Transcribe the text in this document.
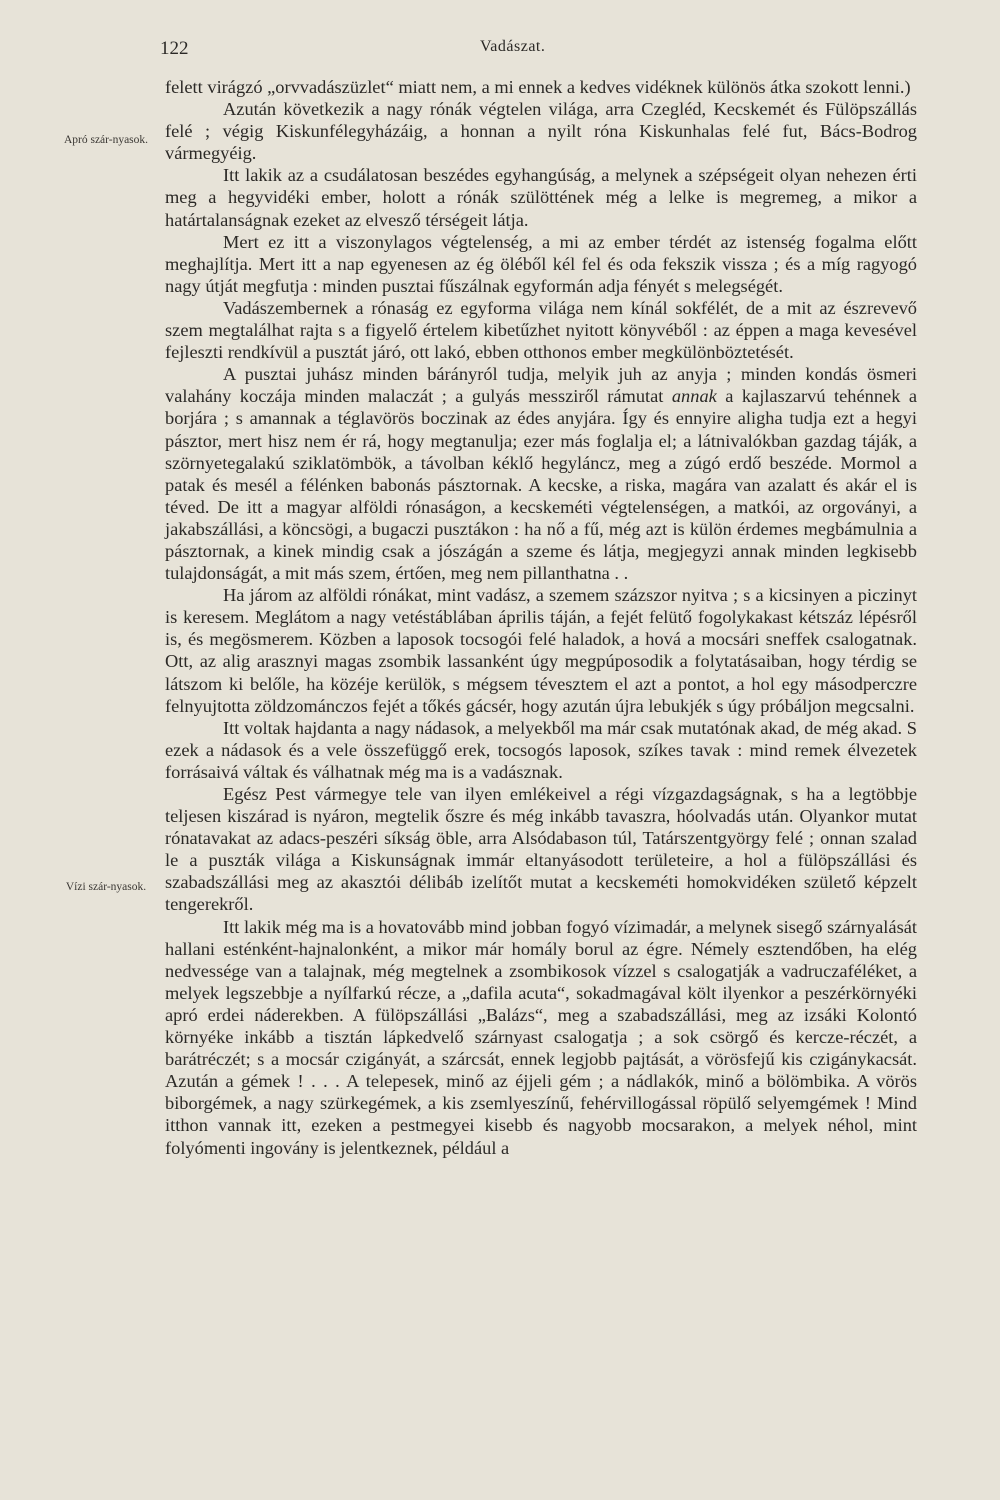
122	Vadászat.
Apró szár-nyasok.
Vízi szár-nyasok.

felett virágzó „orvvadászüzlet“ miatt nem, a mi ennek a kedves vidéknek különös átka szokott lenni.)

Azután következik a nagy rónák végtelen világa, arra Czegléd, Kecskemét és Fülöpszállás felé ; végig Kiskunfélegyházáig, a honnan a nyilt róna Kiskunhalas felé fut, Bács-Bodrog vármegyéig.

Itt lakik az a csudálatosan beszédes egyhangúság, a melynek a szépségeit olyan nehezen érti meg a hegyvidéki ember, holott a rónák szülöttének még a lelke is megremeg, a mikor a határtalanságnak ezeket az elvesző térségeit látja.

Mert ez itt a viszonylagos végtelenség, a mi az ember térdét az istenség fogalma előtt meghajlítja. Mert itt a nap egyenesen az ég öléből kél fel és oda fekszik vissza ; és a míg ragyogó nagy útját megfutja : minden pusztai fűszálnak egyformán adja fényét s melegségét.

Vadászembernek a rónaság ez egyforma világa nem kínál sokfélét, de a mit az észrevevő szem megtalálhat rajta s a figyelő értelem kibetűzhet nyitott könyvéből : az éppen a maga kevesével fejleszti rendkívül a pusztát járó, ott lakó, ebben otthonos ember megkülönböztetését.

A pusztai juhász minden bárányról tudja, melyik juh az anyja ; minden kondás ösmeri valahány koczája minden malaczát ; a gulyás messziről rámutat annak a kajlaszarvú tehénnek a borjára ; s amannak a téglavörös boczinak az édes anyjára. Így és ennyire aligha tudja ezt a hegyi pásztor, mert hisz nem ér rá, hogy megtanulja; ezer más foglalja el; a látnivalókban gazdag táják, a szörnyetegalakú sziklatömbök, a távolban kéklő hegyláncz, meg a zúgó erdő beszéde. Mormol a patak és mesél a félénken babonás pásztornak. A kecske, a riska, magára van azalatt és akár el is téved. De itt a magyar alföldi rónaságon, a kecskeméti végtelenségen, a matkói, az orgoványi, a jakabszállási, a köncsögi, a bugaczi pusztákon : ha nő a fű, még azt is külön érdemes megbámulnia a pásztornak, a kinek mindig csak a jószágán a szeme és látja, megjegyzi annak minden legkisebb tulajdonságát, a mit más szem, értően, meg nem pillanthatna . .

Ha járom az alföldi rónákat, mint vadász, a szemem százszor nyitva ; s a kicsinyen a piczinyt is keresem. Meglátom a nagy vetéstáblában április táján, a fejét felütő fogolykakast kétszáz lépésről is, és megösmerem. Közben a laposok tocsogói felé haladok, a hová a mocsári sneffek csalogatnak. Ott, az alig arasznyi magas zsombik lassanként úgy megpúposodik a folytatásaiban, hogy térdig se látszom ki belőle, ha közéje kerülök, s mégsem tévesztem el azt a pontot, a hol egy másodperczre felnyujtotta zöldzománczos fejét a tőkés gácsér, hogy azután újra lebukjék s úgy próbáljon megcsalni.

Itt voltak hajdanta a nagy nádasok, a melyekből ma már csak mutatónak akad, de még akad. S ezek a nádasok és a vele összefüggő erek, tocsogós laposok, szíkes tavak : mind remek élvezetek forrásaivá váltak és válhatnak még ma is a vadásznak.

Egész Pest vármegye tele van ilyen emlékeivel a régi vízgazdagságnak, s ha a legtöbbje teljesen kiszárad is nyáron, megtelik őszre és még inkább tavaszra, hóolvadás után. Olyankor mutat rónatavakat az adacs-peszéri síkság öble, arra Alsódabason túl, Tatárszentgyörgy felé ; onnan szalad le a puszták világa a Kiskunságnak immár eltanyásodott területeire, a hol a fülöpszállási és szabadszállási meg az akasztói délibáb izelítőt mutat a kecskeméti homokvidéken születő képzelt tengerekről.

Itt lakik még ma is a hovatovább mind jobban fogyó vízimadár, a melynek sisegő szárnyalását hallani esténként-hajnalonként, a mikor már homály borul az égre. Némely esztendőben, ha elég nedvessége van a talajnak, még megtelnek a zsombikosok vízzel s csalogatják a vadruczaféléket, a melyek legszebbje a nyílfarkú récze, a „dafila acuta“, sokadmagával költ ilyenkor a peszérkörnyéki apró erdei náderekben. A fülöpszállási „Balázs“, meg a szabadszállási, meg az izsáki Kolontó környéke inkább a tisztán lápkedvelő szárnyast csalogatja ; a sok csörgő és kercze-réczét, a barátréczét; s a mocsár czigányát, a szárcsát, ennek legjobb pajtását, a vörösfejű kis czigánykacsát. Azután a gémek ! . . . A telepesek, minő az éjjeli gém ; a nádlakók, minő a bölömbika. A vörös biborgémek, a nagy szürkegémek, a kis zsemlyeszínű, fehérvillogással röpülő selyemgémek ! Mind itthon vannak itt, ezeken a pestmegyei kisebb és nagyobb mocsarakon, a melyek néhol, mint folyómenti ingovány is jelentkeznek, például a
